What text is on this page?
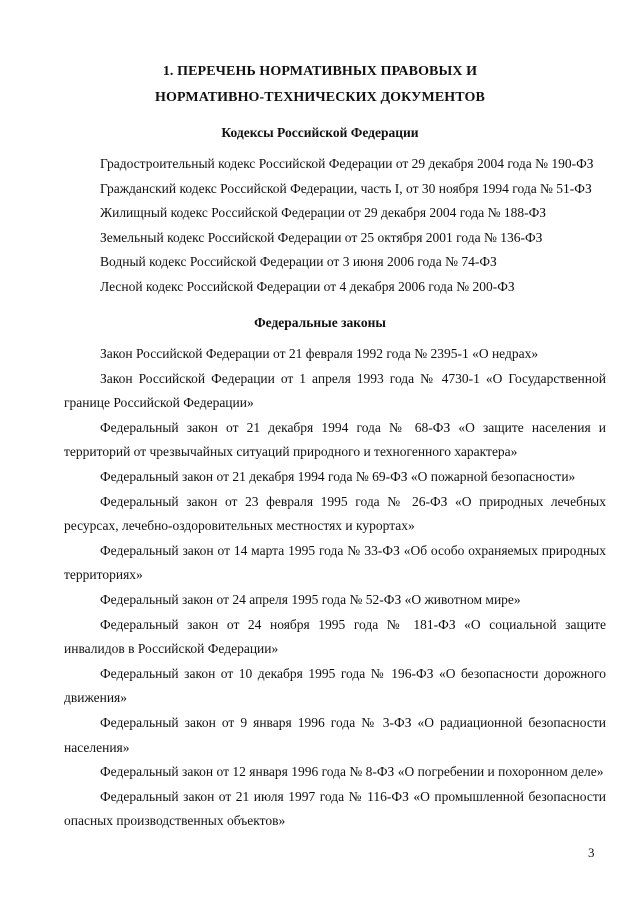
1. ПЕРЕЧЕНЬ НОРМАТИВНЫХ ПРАВОВЫХ И
НОРМАТИВНО-ТЕХНИЧЕСКИХ ДОКУМЕНТОВ
Кодексы Российской Федерации
Градостроительный кодекс Российской Федерации от 29 декабря 2004 года № 190-ФЗ
Гражданский кодекс Российской Федерации, часть I, от 30 ноября 1994 года № 51-ФЗ
Жилищный кодекс Российской Федерации от 29 декабря 2004 года № 188-ФЗ
Земельный кодекс Российской Федерации от 25 октября 2001 года № 136-ФЗ
Водный кодекс Российской Федерации от 3 июня 2006 года № 74-ФЗ
Лесной кодекс Российской Федерации от 4 декабря 2006 года № 200-ФЗ
Федеральные законы

Закон Российской Федерации от 21 февраля 1992 года № 2395-1 «О недрах»

Закон Российской Федерации от 1 апреля 1993 года № 4730-1 «О Государственной границе Российской Федерации»

Федеральный закон от 21 декабря 1994 года № 68-ФЗ «О защите населения и территорий от чрезвычайных ситуаций природного и техногенного характера»

Федеральный закон от 21 декабря 1994 года № 69-ФЗ «О пожарной безопасности»

Федеральный закон от 23 февраля 1995 года № 26-ФЗ «О природных лечебных ресурсах, лечебно-оздоровительных местностях и курортах»

Федеральный закон от 14 марта 1995 года № 33-ФЗ «Об особо охраняемых природных территориях»

Федеральный закон от 24 апреля 1995 года № 52-ФЗ «О животном мире»

Федеральный закон от 24 ноября 1995 года № 181-ФЗ «О социальной защите инвалидов в Российской Федерации»

Федеральный закон от 10 декабря 1995 года № 196-ФЗ «О безопасности дорожного движения»

Федеральный закон от 9 января 1996 года № 3-ФЗ «О радиационной безопасности населения»

Федеральный закон от 12 января 1996 года № 8-ФЗ «О погребении и похоронном деле»

Федеральный закон от 21 июля 1997 года № 116-ФЗ «О промышленной безопасности опасных производственных объектов»

3
